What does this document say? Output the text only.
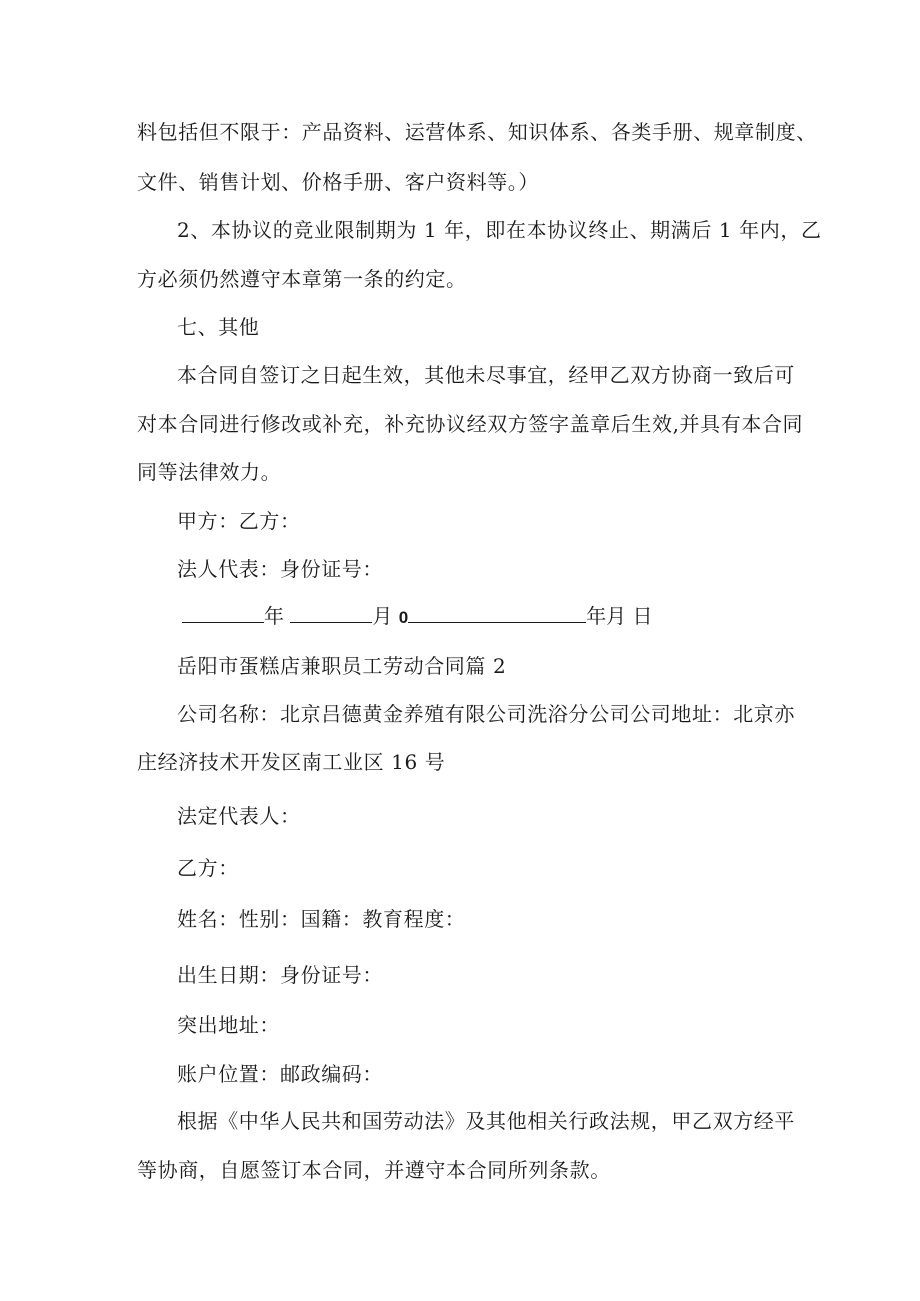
料包括但不限于：产品资料、运营体系、知识体系、各类手册、规章制度、
文件、销售计划、价格手册、客户资料等。）
2、本协议的竞业限制期为 1 年，即在本协议终止、期满后 1 年内，乙
方必须仍然遵守本章第一条的约定。
七、其他
本合同自签订之日起生效，其他未尽事宜，经甲乙双方协商一致后可
对本合同进行修改或补充，补充协议经双方签字盖章后生效,并具有本合同
同等法律效力。
甲方：乙方：
法人代表：身份证号：
年	月 0	年月 日
岳阳市蛋糕店兼职员工劳动合同篇 2
公司名称：北京吕德黄金养殖有限公司洗浴分公司公司地址：北京亦
庄经济技术开发区南工业区 16 号
法定代表人：
乙方：
姓名：性别：国籍：教育程度：
出生日期：身份证号：
突出地址：
账户位置：邮政编码：
根据《中华人民共和国劳动法》及其他相关行政法规，甲乙双方经平
等协商，自愿签订本合同，并遵守本合同所列条款。
